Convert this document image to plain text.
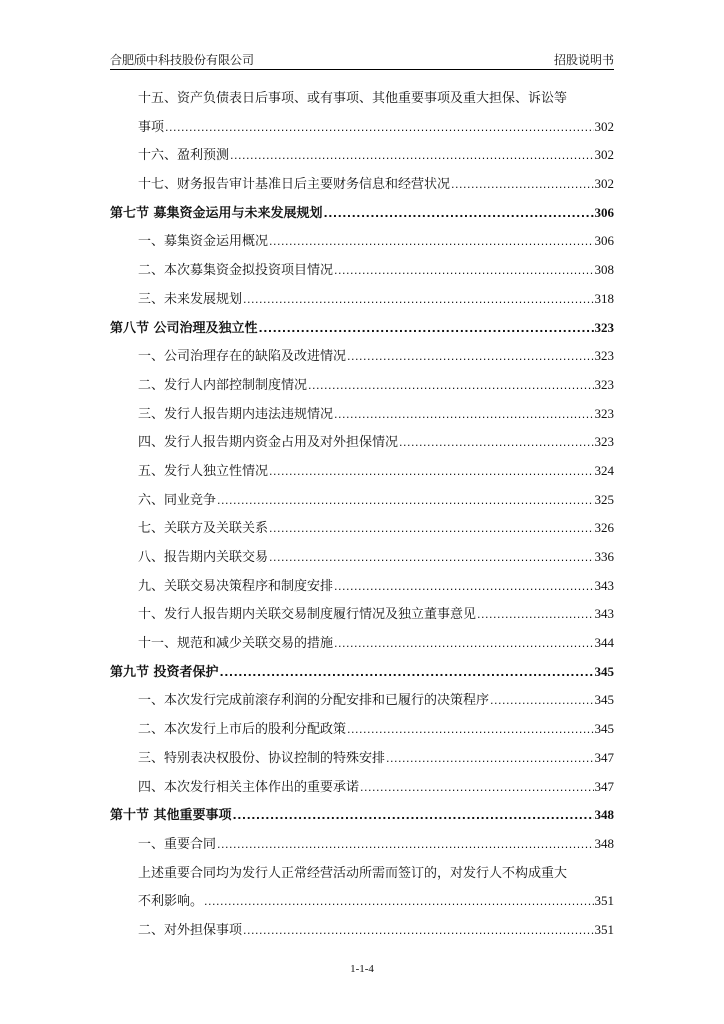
合肥颀中科技股份有限公司	招股说明书
十五、资产负债表日后事项、或有事项、其他重要事项及重大担保、诉讼等
事项 .....	302
十六、盈利预测 .....	302
十七、财务报告审计基准日后主要财务信息和经营状况 .....	302
第七节 募集资金运用与未来发展规划 .....	306
一、募集资金运用概况 .....	306
二、本次募集资金拟投资项目情况 .....	308
三、未来发展规划 .....	318
第八节 公司治理及独立性 .....	323
一、公司治理存在的缺陷及改进情况 .....	323
二、发行人内部控制制度情况 .....	323
三、发行人报告期内违法违规情况 .....	323
四、发行人报告期内资金占用及对外担保情况 .....	323
五、发行人独立性情况 .....	324
六、同业竞争 .....	325
七、关联方及关联关系 .....	326
八、报告期内关联交易 .....	336
九、关联交易决策程序和制度安排 .....	343
十、发行人报告期内关联交易制度履行情况及独立董事意见 .....	343
十一、规范和减少关联交易的措施 .....	344
第九节 投资者保护 .....	345
一、本次发行完成前滚存利润的分配安排和已履行的决策程序 .....	345
二、本次发行上市后的股利分配政策 .....	345
三、特别表决权股份、协议控制的特殊安排 .....	347
四、本次发行相关主体作出的重要承诺 .....	347
第十节 其他重要事项 .....	348
一、重要合同 .....	348
上述重要合同均为发行人正常经营活动所需而签订的，对发行人不构成重大
不利影响。 .....	351
二、对外担保事项 .....	351
1-1-4
